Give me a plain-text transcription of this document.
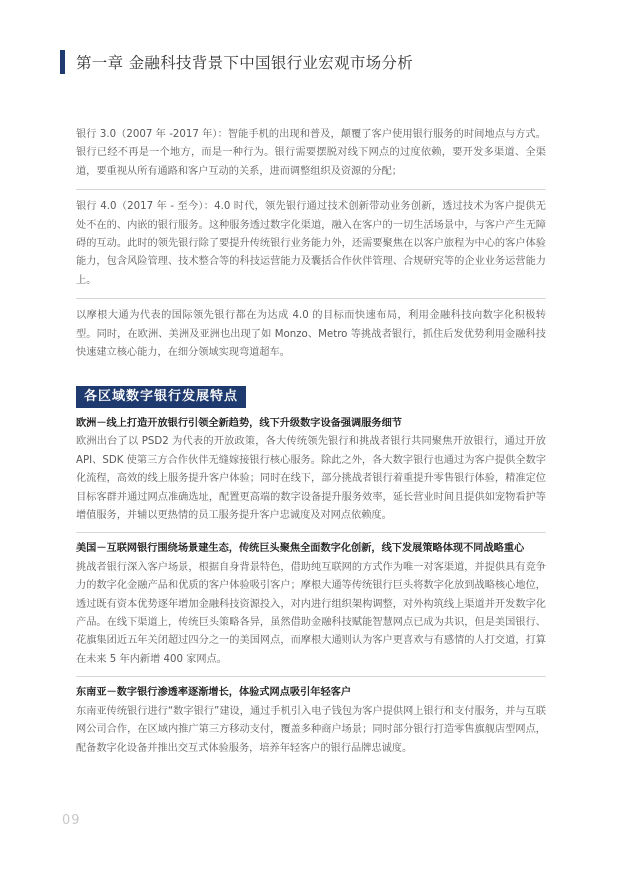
第一章 金融科技背景下中国银行业宏观市场分析

银行 3.0（2007 年 -2017 年）：智能手机的出现和普及，颠覆了客户使用银行服务的时间地点与方式。银行已经不再是一个地方，而是一种行为。银行需要摆脱对线下网点的过度依赖，要开发多渠道、全渠道，要重视从所有通路和客户互动的关系，进而调整组织及资源的分配；

银行 4.0（2017 年 - 至今）：4.0 时代，领先银行通过技术创新带动业务创新，透过技术为客户提供无处不在的、内嵌的银行服务。这种服务透过数字化渠道，融入在客户的一切生活场景中，与客户产生无障碍的互动。此时的领先银行除了要提升传统银行业务能力外，还需要聚焦在以客户旅程为中心的客户体验能力，包含风险管理、技术整合等的科技运营能力及囊括合作伙伴管理、合规研究等的企业业务运营能力上。

以摩根大通为代表的国际领先银行都在为达成 4.0 的目标而快速布局，利用金融科技向数字化积极转型。同时，在欧洲、美洲及亚洲也出现了如 Monzo、Metro 等挑战者银行，抓住后发优势利用金融科技快速建立核心能力，在细分领域实现弯道超车。

各区域数字银行发展特点

欧洲－线上打造开放银行引领全新趋势，线下升级数字设备强调服务细节

欧洲出台了以 PSD2 为代表的开放政策，各大传统领先银行和挑战者银行共同聚焦开放银行，通过开放 API、SDK 使第三方合作伙伴无缝嫁接银行核心服务。除此之外，各大数字银行也通过为客户提供全数字化流程，高效的线上服务提升客户体验；同时在线下，部分挑战者银行着重提升零售银行体验，精准定位目标客群并通过网点准确选址，配置更高端的数字设备提升服务效率，延长营业时间且提供如宠物看护等增值服务，并辅以更热情的员工服务提升客户忠诚度及对网点依赖度。

美国－互联网银行围绕场景建生态，传统巨头聚焦全面数字化创新，线下发展策略体现不同战略重心

挑战者银行深入客户场景，根据自身背景特色，借助纯互联网的方式作为唯一对客渠道，并提供具有竞争力的数字化金融产品和优质的客户体验吸引客户；摩根大通等传统银行巨头将数字化放到战略核心地位，透过既有资本优势逐年增加金融科技资源投入，对内进行组织架构调整，对外构筑线上渠道并开发数字化产品。在线下渠道上，传统巨头策略各异，虽然借助金融科技赋能智慧网点已成为共识，但是美国银行、花旗集团近五年关闭超过四分之一的美国网点，而摩根大通则认为客户更喜欢与有感情的人打交道，打算在未来 5 年内新增 400 家网点。

东南亚－数字银行渗透率逐渐增长，体验式网点吸引年轻客户

东南亚传统银行进行“数字银行”建设，通过手机引入电子钱包为客户提供网上银行和支付服务，并与互联网公司合作，在区域内推广第三方移动支付，覆盖多种商户场景；同时部分银行打造零售旗舰店型网点，配备数字化设备并推出交互式体验服务，培养年轻客户的银行品牌忠诚度。

09
